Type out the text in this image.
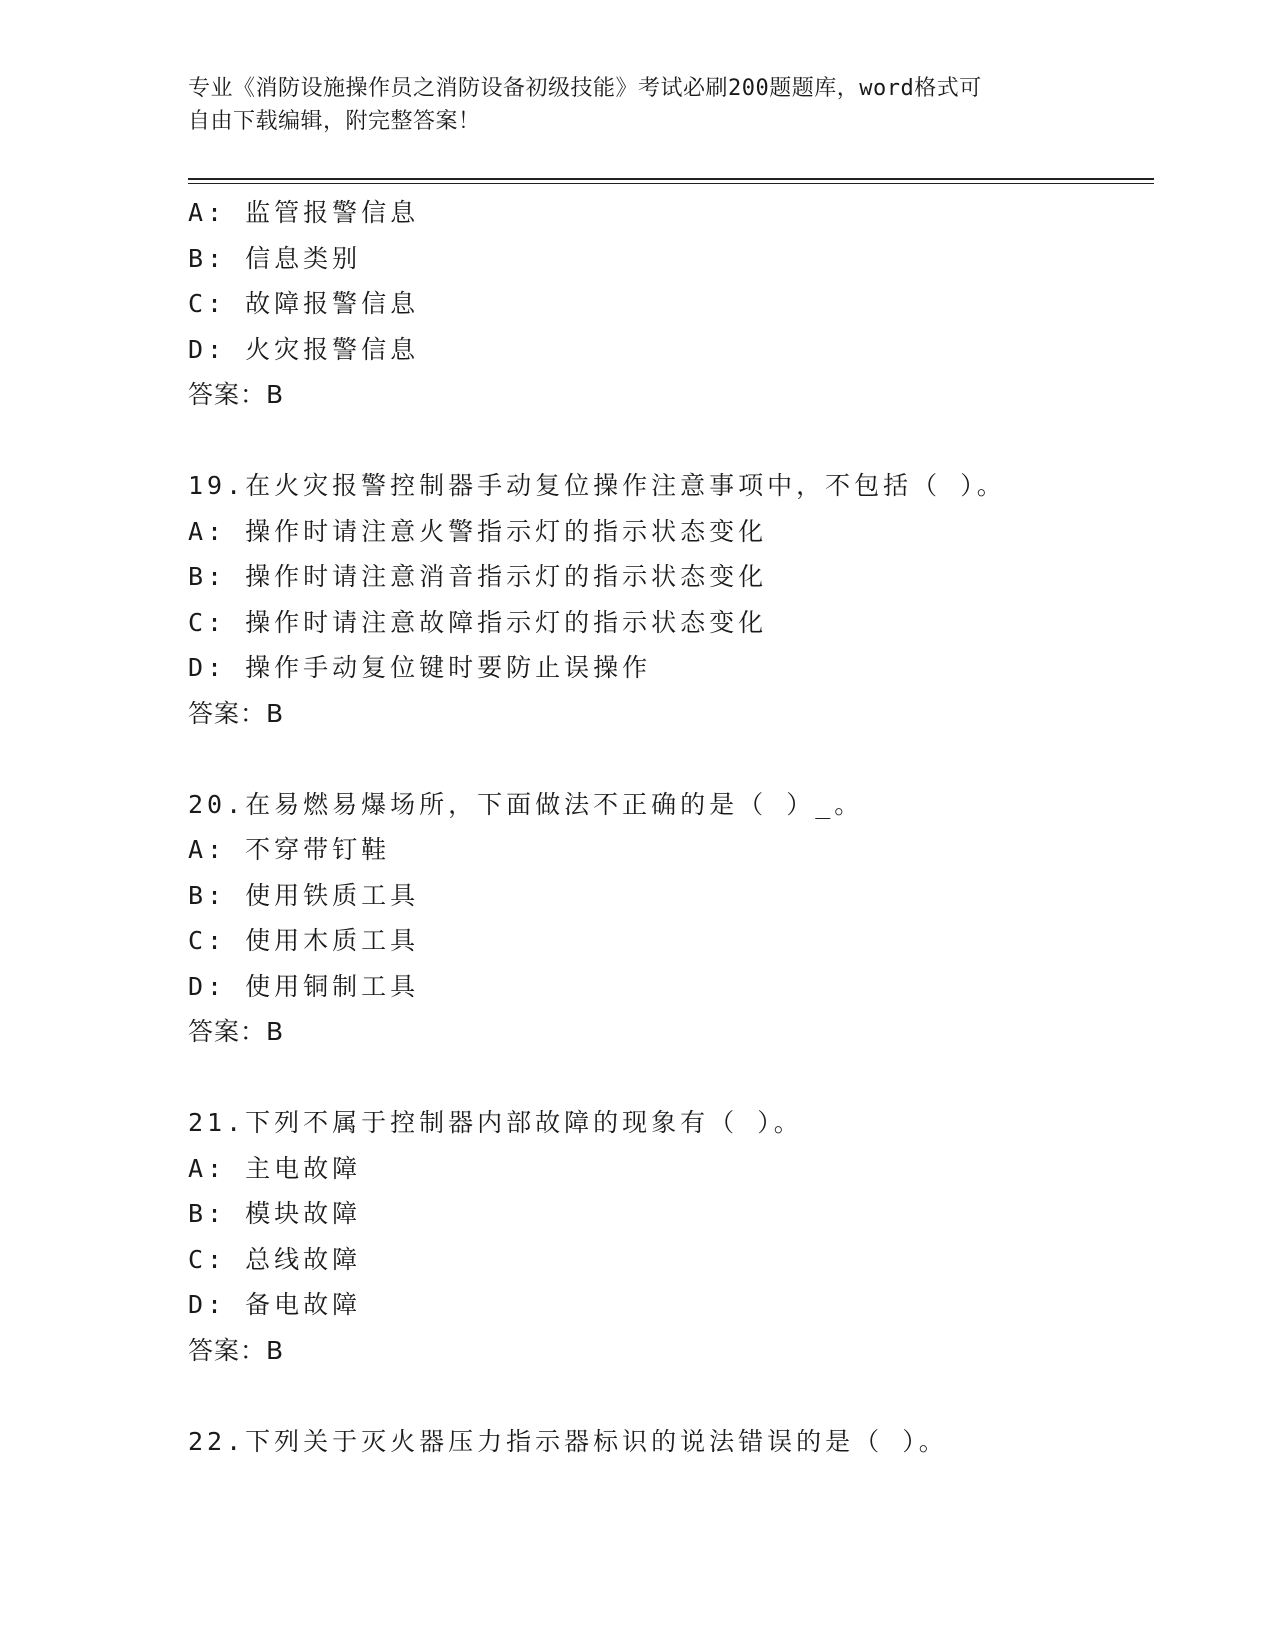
专业《消防设施操作员之消防设备初级技能》考试必刷200题题库，word格式可
自由下载编辑，附完整答案！
A: 监管报警信息
B: 信息类别
C: 故障报警信息
D: 火灾报警信息
答案：B
19.在火灾报警控制器手动复位操作注意事项中，不包括（ ）。
A: 操作时请注意火警指示灯的指示状态变化
B: 操作时请注意消音指示灯的指示状态变化
C: 操作时请注意故障指示灯的指示状态变化
D: 操作手动复位键时要防止误操作
答案：B
20.在易燃易爆场所，下面做法不正确的是（ ）_。
A: 不穿带钉鞋
B: 使用铁质工具
C: 使用木质工具
D: 使用铜制工具
答案：B
21.下列不属于控制器内部故障的现象有（ ）。
A: 主电故障
B: 模块故障
C: 总线故障
D: 备电故障
答案：B
22.下列关于灭火器压力指示器标识的说法错误的是（ ）。
